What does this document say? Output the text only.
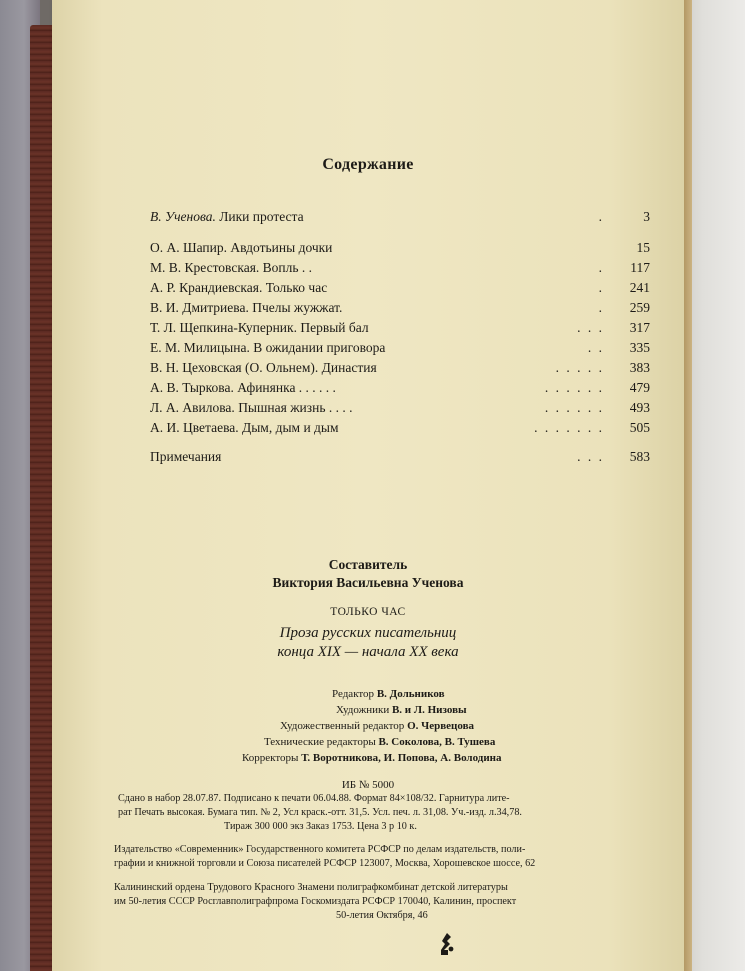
Содержание
В. Ученова. Лики протеста	.	3
О. А. Шапир. Авдотьины дочки	15
М. В. Крестовская. Вопль . .	. 117
А. Р. Крандиевская. Только час	. 241
В. И. Дмитриева. Пчелы жужжат.	. 259
Т. Л. Щепкина-Куперник. Первый бал	. . . 317
Е. М. Милицына. В ожидании приговора	. . 335
В. Н. Цеховская (О. Ольнем). Династия	. . . . . 383
А. В. Тыркова. Афинянка . . . . . .	. . . . . . 479
Л. А. Авилова. Пышная жизнь . . . .	. . . . . . 493
А. И. Цветаева. Дым, дым и дым	. . . . . . . 505
Примечания	. . . 583
Составитель
Виктория Васильевна Ученова
ТОЛЬКО ЧАС
Проза русских писательниц
конца XIX — начала XX века
Редактор В. Дольников
Художники В. и Л. Низовы
Художественный редактор О. Червецова
Технические редакторы В. Соколова, В. Тушева
Корректоры Т. Воротникова, И. Попова, А. Володина
ИБ № 5000
Сдано в набор 28.07.87. Подписано к печати 06.04.88. Формат 84×108/32. Гарнитура лите-
рат Печать высокая. Бумага тип. № 2, Усл краск.-отт. 31,5. Усл. печ. л. 31,08. Уч.-изд. л.34,78.
Тираж 300 000 экз Заказ 1753. Цена 3 р 10 к.
Издательство «Современник» Государственного комитета РСФСР по делам издательств, поли-
графии и книжной торговли и Союза писателей РСФСР 123007, Москва, Хорошевское шоссе, 62
Калининский ордена Трудового Красного Знамени полиграфкомбинат детской литературы
им 50-летия СССР Росглавполиграфпрома Госкомиздата РСФСР 170040, Калинин, проспект
50-летия Октября, 46
